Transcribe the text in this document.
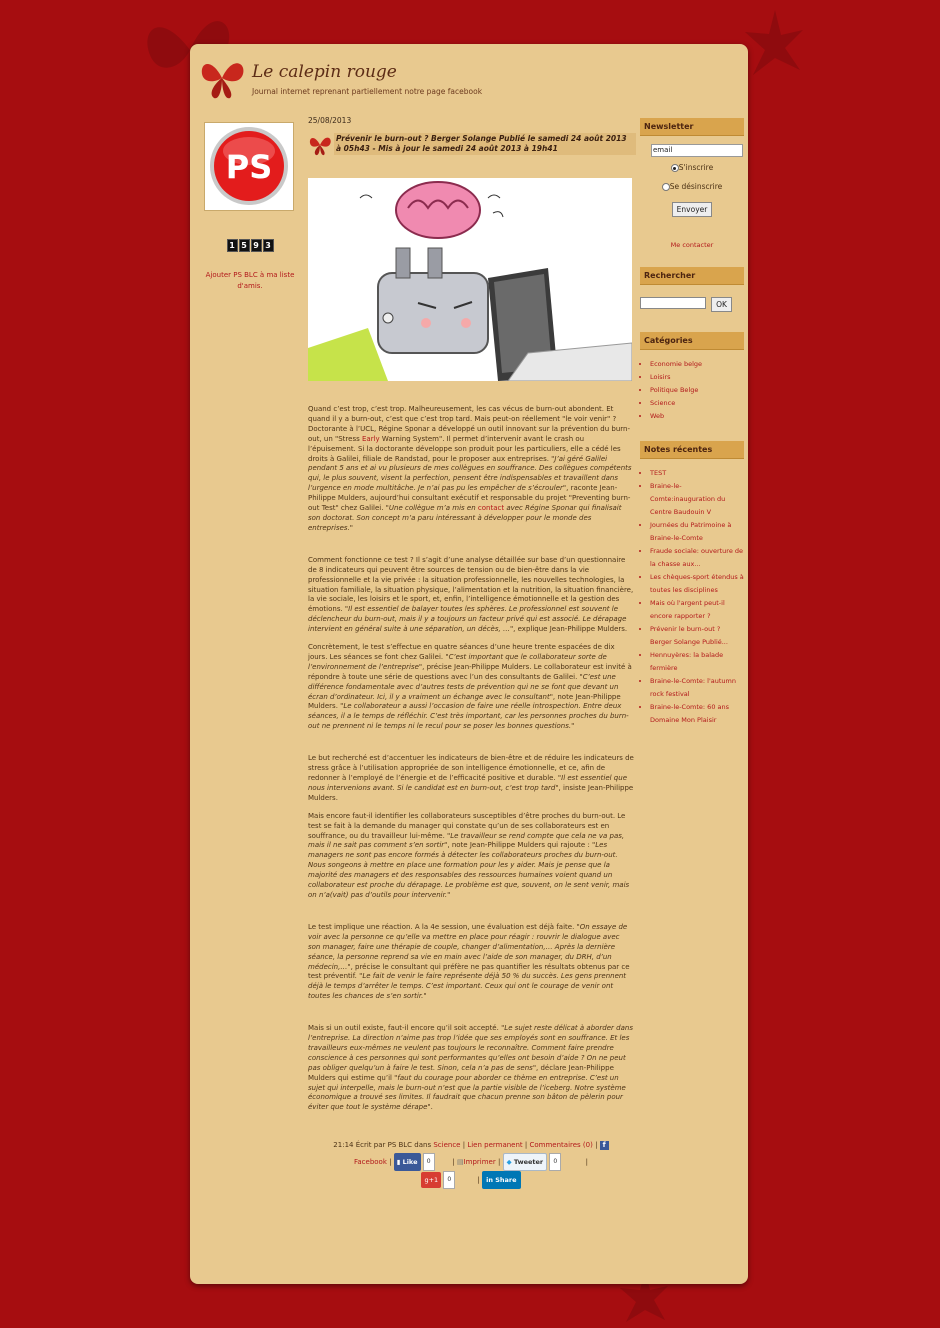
Le calepin rouge
Journal internet reprenant partiellement notre page facebook
PS
1 5 9 3
Ajouter PS BLC à ma liste d'amis.
25/08/2013
Prévenir le burn-out ? Berger Solange Publié le samedi 24 août 2013 à 05h43 - Mis à jour le samedi 24 août 2013 à 19h41

Quand c’est trop, c’est trop. Malheureusement, les cas vécus de burn-out abondent. Et quand il y a burn-out, c’est que c’est trop tard. Mais peut-on réellement "le voir venir" ? Doctorante à l’UCL, Régine Sponar a développé un outil innovant sur la prévention du burn-out, un "Stress Early Warning System". Il permet d’intervenir avant le crash ou l’épuisement. Si la doctorante développe son produit pour les particuliers, elle a cédé les droits à Galilei, filiale de Randstad, pour le proposer aux entreprises. "J’ai géré Galilei pendant 5 ans et ai vu plusieurs de mes collègues en souffrance. Des collègues compétents qui, le plus souvent, visent la perfection, pensent être indispensables et travaillent dans l’urgence en mode multitâche. Je n’ai pas pu les empêcher de s’écrouler", raconte Jean-Philippe Mulders, aujourd’hui consultant exécutif et responsable du projet "Preventing burn-out Test" chez Galilei. "Une collègue m’a mis en contact avec Régine Sponar qui finalisait son doctorat. Son concept m’a paru intéressant à développer pour le monde des entreprises."

Comment fonctionne ce test ? Il s’agit d’une analyse détaillée sur base d’un questionnaire de 8 indicateurs qui peuvent être sources de tension ou de bien-être dans la vie professionnelle et la vie privée : la situation professionnelle, les nouvelles technologies, la situation familiale, la situation physique, l’alimentation et la nutrition, la situation financière, la vie sociale, les loisirs et le sport, et, enfin, l’intelligence émotionnelle et la gestion des émotions. "Il est essentiel de balayer toutes les sphères. Le professionnel est souvent le déclencheur du burn-out, mais il y a toujours un facteur privé qui est associé. Le dérapage intervient en général suite à une séparation, un décès, …", explique Jean-Philippe Mulders.

Concrètement, le test s’effectue en quatre séances d’une heure trente espacées de dix jours. Les séances se font chez Galilei. "C’est important que le collaborateur sorte de l’environnement de l’entreprise", précise Jean-Philippe Mulders. Le collaborateur est invité à répondre à toute une série de questions avec l’un des consultants de Galilei. "C’est une différence fondamentale avec d’autres tests de prévention qui ne se font que devant un écran d’ordinateur. Ici, il y a vraiment un échange avec le consultant", note Jean-Philippe Mulders. "Le collaborateur a aussi l’occasion de faire une réelle introspection. Entre deux séances, il a le temps de réfléchir. C’est très important, car les personnes proches du burn-out ne prennent ni le temps ni le recul pour se poser les bonnes questions."

Le but recherché est d’accentuer les indicateurs de bien-être et de réduire les indicateurs de stress grâce à l’utilisation appropriée de son intelligence émotionnelle, et ce, afin de redonner à l’employé de l’énergie et de l’efficacité positive et durable. "Il est essentiel que nous intervenions avant. Si le candidat est en burn-out, c’est trop tard", insiste Jean-Philippe Mulders.

Mais encore faut-il identifier les collaborateurs susceptibles d’être proches du burn-out. Le test se fait à la demande du manager qui constate qu’un de ses collaborateurs est en souffrance, ou du travailleur lui-même. "Le travailleur se rend compte que cela ne va pas, mais il ne sait pas comment s’en sortir", note Jean-Philippe Mulders qui rajoute : "Les managers ne sont pas encore formés à détecter les collaborateurs proches du burn-out. Nous songeons à mettre en place une formation pour les y aider. Mais je pense que la majorité des managers et des responsables des ressources humaines voient quand un collaborateur est proche du dérapage. Le problème est que, souvent, on le sent venir, mais on n’a(vait) pas d’outils pour intervenir."

Le test implique une réaction. A la 4e session, une évaluation est déjà faite. "On essaye de voir avec la personne ce qu’elle va mettre en place pour réagir : rouvrir le dialogue avec son manager, faire une thérapie de couple, changer d’alimentation,… Après la dernière séance, la personne reprend sa vie en main avec l’aide de son manager, du DRH, d’un médecin,…", précise le consultant qui préfère ne pas quantifier les résultats obtenus par ce test préventif. "Le fait de venir le faire représente déjà 50 % du succès. Les gens prennent déjà le temps d’arrêter le temps. C’est important. Ceux qui ont le courage de venir ont toutes les chances de s’en sortir."

Mais si un outil existe, faut-il encore qu’il soit accepté. "Le sujet reste délicat à aborder dans l’entreprise. La direction n’aime pas trop l’idée que ses employés sont en souffrance. Et les travailleurs eux-mêmes ne veulent pas toujours le reconnaître. Comment faire prendre conscience à ces personnes qui sont performantes qu’elles ont besoin d’aide ? On ne peut pas obliger quelqu’un à faire le test. Sinon, cela n’a pas de sens", déclare Jean-Philippe Mulders qui estime qu’il "faut du courage pour aborder ce thème en entreprise. C’est un sujet qui interpelle, mais le burn-out n’est que la partie visible de l’iceberg. Notre système économique a trouvé ses limites. Il faudrait que chacun prenne son bâton de pèlerin pour éviter que tout le système dérape".

21:14 Écrit par PS BLC dans Science | Lien permanent | Commentaires (0) | f
Facebook | ▮ Like 0	| ▤Imprimer | ◆ Tweeter 0	|
g+1 0	| in Share
Newsletter
email
S'inscrire
Se désinscrire
Envoyer
Me contacter
Rechercher
OK
Catégories
• Economie belge
• Loisirs
• Politique Belge
• Science
• Web
Notes récentes
• TEST
• Braine-le-Comte:inauguration du Centre Baudouin V
• Journées du Patrimoine à Braine-le-Comte
• Fraude sociale: ouverture de la chasse aux...
• Les chèques-sport étendus à toutes les disciplines
• Mais où l'argent peut-il encore rapporter ?
• Prévenir le burn-out ? Berger Solange Publié...
• Hennuyères: la balade fermière
• Braine-le-Comte: l'autumn rock festival
• Braine-le-Comte: 60 ans Domaine Mon Plaisir
